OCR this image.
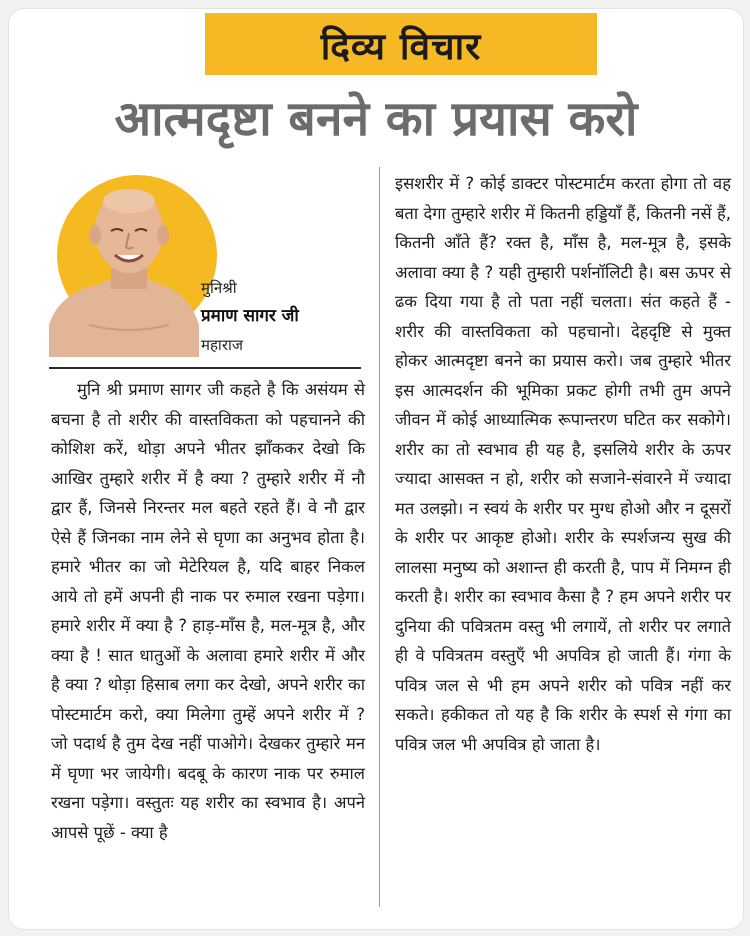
दिव्य विचार
आत्मदृष्टा बनने का प्रयास करो
मुनिश्री
प्रमाण सागर जी
महाराज
मुनि श्री प्रमाण सागर जी कहते है कि असंयम से बचना है तो शरीर की वास्तविकता को पहचानने की कोशिश करें, थोड़ा अपने भीतर झाँककर देखो कि आखिर तुम्हारे शरीर में है क्या ? तुम्हारे शरीर में नौ द्वार हैं, जिनसे निरन्तर मल बहते रहते हैं। वे नौ द्वार ऐसे हैं जिनका नाम लेने से घृणा का अनुभव होता है। हमारे भीतर का जो मेटेरियल है, यदि बाहर निकल आये तो हमें अपनी ही नाक पर रुमाल रखना पड़ेगा। हमारे शरीर में क्या है ? हाड़-माँस है, मल-मूत्र है, और क्या है ! सात धातुओं के अलावा हमारे शरीर में और है क्या ? थोड़ा हिसाब लगा कर देखो, अपने शरीर का पोस्टमार्टम करो, क्या मिलेगा तुम्हें अपने शरीर में ? जो पदार्थ है तुम देख नहीं पाओगे। देखकर तुम्हारे मन में घृणा भर जायेगी। बदबू के कारण नाक पर रुमाल रखना पड़ेगा। वस्तुतः यह शरीर का स्वभाव है। अपने आपसे पूछें - क्या है
इसशरीर में ? कोई डाक्टर पोस्टमार्टम करता होगा तो वह बता देगा तुम्हारे शरीर में कितनी हड्डियाँ हैं, कितनी नसें हैं, कितनी आँते हैं? रक्त है, माँस है, मल-मूत्र है, इसके अलावा क्या है ? यही तुम्हारी पर्शनॉलिटी है। बस ऊपर से ढक दिया गया है तो पता नहीं चलता। संत कहते हैं - शरीर की वास्तविकता को पहचानो। देहदृष्टि से मुक्त होकर आत्मदृष्टा बनने का प्रयास करो। जब तुम्हारे भीतर इस आत्मदर्शन की भूमिका प्रकट होगी तभी तुम अपने जीवन में कोई आध्यात्मिक रूपान्तरण घटित कर सकोगे। शरीर का तो स्वभाव ही यह है, इसलिये शरीर के ऊपर ज्यादा आसक्त न हो, शरीर को सजाने-संवारने में ज्यादा मत उलझो। न स्वयं के शरीर पर मुग्ध होओ और न दूसरों के शरीर पर आकृष्ट होओ। शरीर के स्पर्शजन्य सुख की लालसा मनुष्य को अशान्त ही करती है, पाप में निमग्न ही करती है। शरीर का स्वभाव कैसा है ? हम अपने शरीर पर दुनिया की पवित्रतम वस्तु भी लगायें, तो शरीर पर लगाते ही वे पवित्रतम वस्तुएँ भी अपवित्र हो जाती हैं। गंगा के पवित्र जल से भी हम अपने शरीर को पवित्र नहीं कर सकते। हकीकत तो यह है कि शरीर के स्पर्श से गंगा का पवित्र जल भी अपवित्र हो जाता है।
